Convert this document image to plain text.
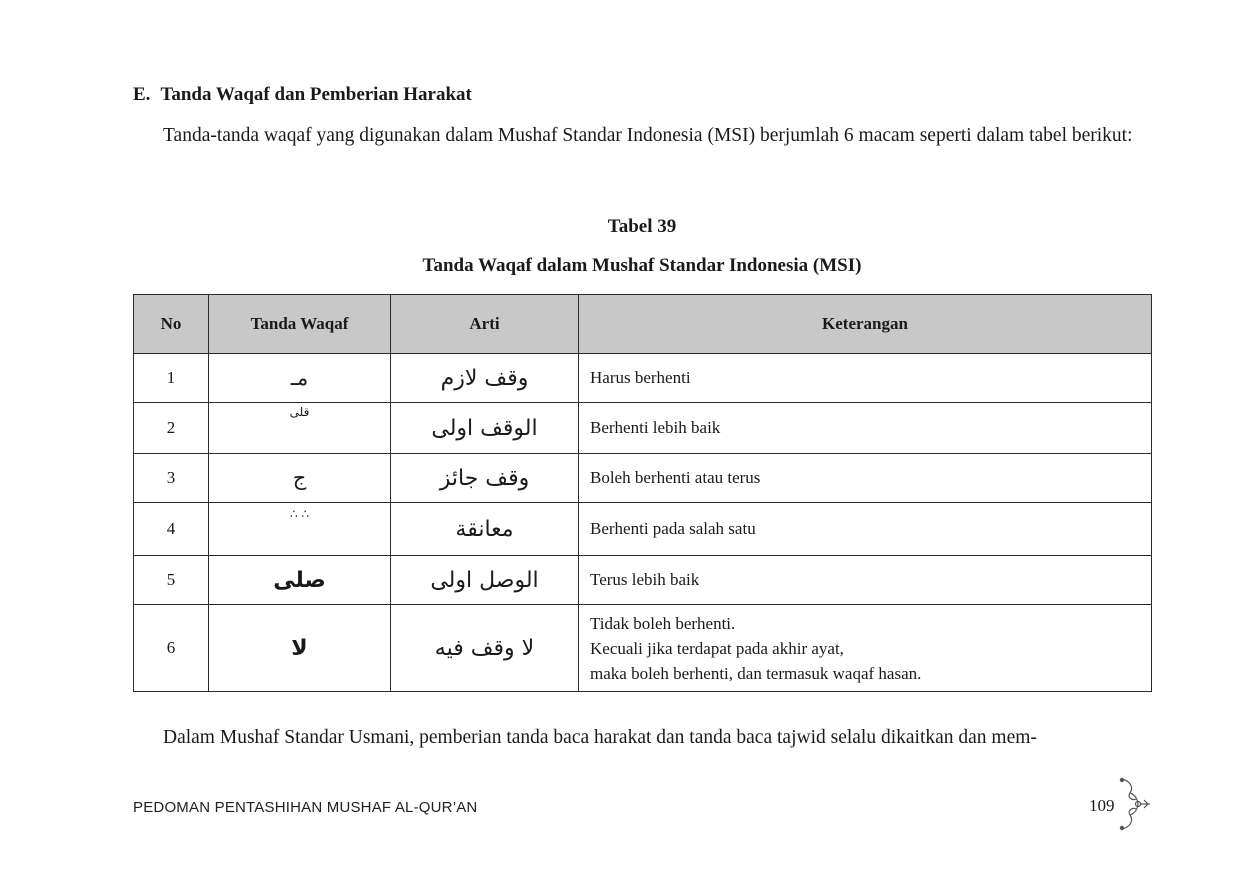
E. Tanda Waqaf dan Pemberian Harakat

Tanda-tanda waqaf yang digunakan dalam Mushaf Standar Indonesia (MSI) berjumlah 6 macam seperti dalam tabel berikut:

Tabel 39
Tanda Waqaf dalam Mushaf Standar Indonesia (MSI)
No	Tanda Waqaf	Arti	Keterangan
1	مـ	وقف لازم	Harus berhenti
2	$^{قلى}$	الوقف اولى	Berhenti lebih baik
3	ج	وقف جائز	Boleh berhenti atau terus
4	∴ ∴	معانقة	Berhenti pada salah satu
5	صلى	الوصل اولى	Terus lebih baik
6	لا	لا وقف فيه	Tidak boleh berhenti.
Kecuali jika terdapat pada akhir ayat,
maka boleh berhenti, dan termasuk waqaf hasan.

Dalam Mushaf Standar Usmani, pemberian tanda baca harakat dan tanda baca tajwid selalu dikaitkan dan mem-

PEDOMAN PENTASHIHAN MUSHAF AL-QUR’AN	109
